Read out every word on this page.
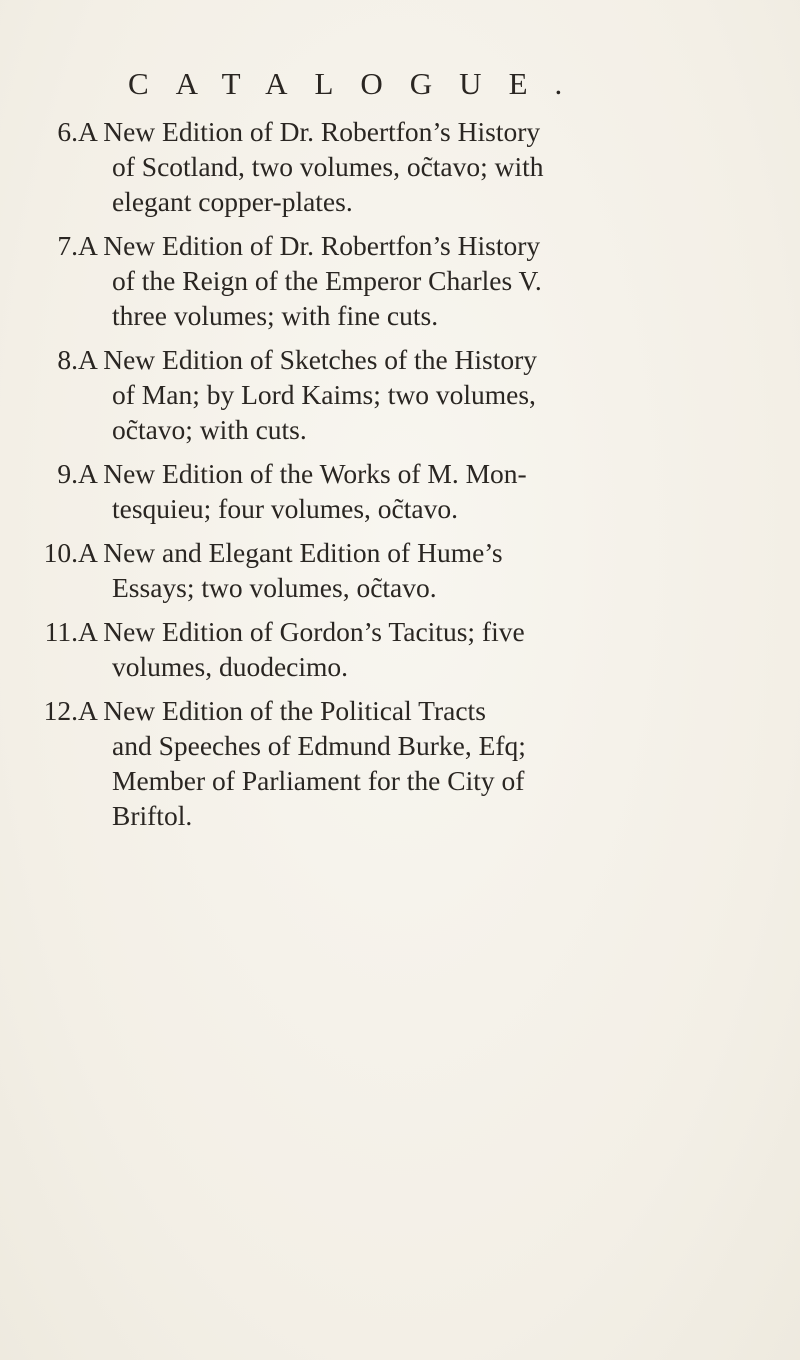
CATALOGUE.
6. A New Edition of Dr. Robertfon’s History
of Scotland, two volumes, oc̃tavo; with
elegant copper-plates.
7. A New Edition of Dr. Robertfon’s History
of the Reign of the Emperor Charles V.
three volumes; with fine cuts.
8. A New Edition of Sketches of the History
of Man; by Lord Kaims; two volumes,
oc̃tavo; with cuts.
9. A New Edition of the Works of M. Mon-
tesquieu; four volumes, oc̃tavo.
10. A New and Elegant Edition of Hume’s
Essays; two volumes, oc̃tavo.
11. A New Edition of Gordon’s Tacitus; five
volumes, duodecimo.
12. A New Edition of the Political Tracts
and Speeches of Edmund Burke, Efq;
Member of Parliament for the City of
Briftol.
